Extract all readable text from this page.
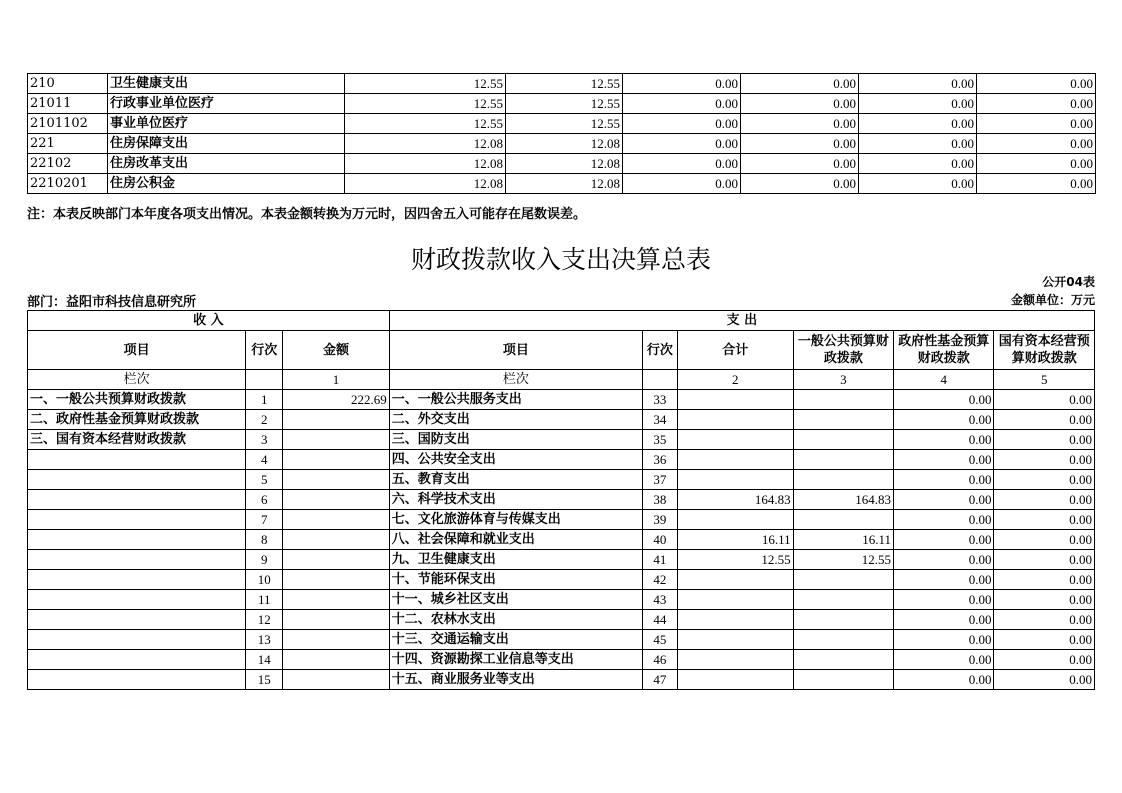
210	卫生健康支出	12.55	12.55	0.00	0.00	0.00	0.00
21011	行政事业单位医疗	12.55	12.55	0.00	0.00	0.00	0.00
2101102	事业单位医疗	12.55	12.55	0.00	0.00	0.00	0.00
221	住房保障支出	12.08	12.08	0.00	0.00	0.00	0.00
22102	住房改革支出	12.08	12.08	0.00	0.00	0.00	0.00
2210201	住房公积金	12.08	12.08	0.00	0.00	0.00	0.00
注：本表反映部门本年度各项支出情况。本表金额转换为万元时，因四舍五入可能存在尾数误差。
财政拨款收入支出决算总表
公开04表
部门：益阳市科技信息研究所	金额单位：万元
收 入			支 出					
项目	行次	金额	项目	行次	合计	一般公共预算财政拨款	政府性基金预算财政拨款	国有资本经营预算财政拨款
栏次		1	栏次		2	3	4	5
一、一般公共预算财政拨款	1	222.69	一、一般公共服务支出	33			0.00	0.00
二、政府性基金预算财政拨款	2		二、外交支出	34			0.00	0.00
三、国有资本经营财政拨款	3		三、国防支出	35			0.00	0.00
	4		四、公共安全支出	36			0.00	0.00
	5		五、教育支出	37			0.00	0.00
	6		六、科学技术支出	38	164.83	164.83	0.00	0.00
	7		七、文化旅游体育与传媒支出	39			0.00	0.00
	8		八、社会保障和就业支出	40	16.11	16.11	0.00	0.00
	9		九、卫生健康支出	41	12.55	12.55	0.00	0.00
	10		十、节能环保支出	42			0.00	0.00
	11		十一、城乡社区支出	43			0.00	0.00
	12		十二、农林水支出	44			0.00	0.00
	13		十三、交通运输支出	45			0.00	0.00
	14		十四、资源勘探工业信息等支出	46			0.00	0.00
	15		十五、商业服务业等支出	47			0.00	0.00
